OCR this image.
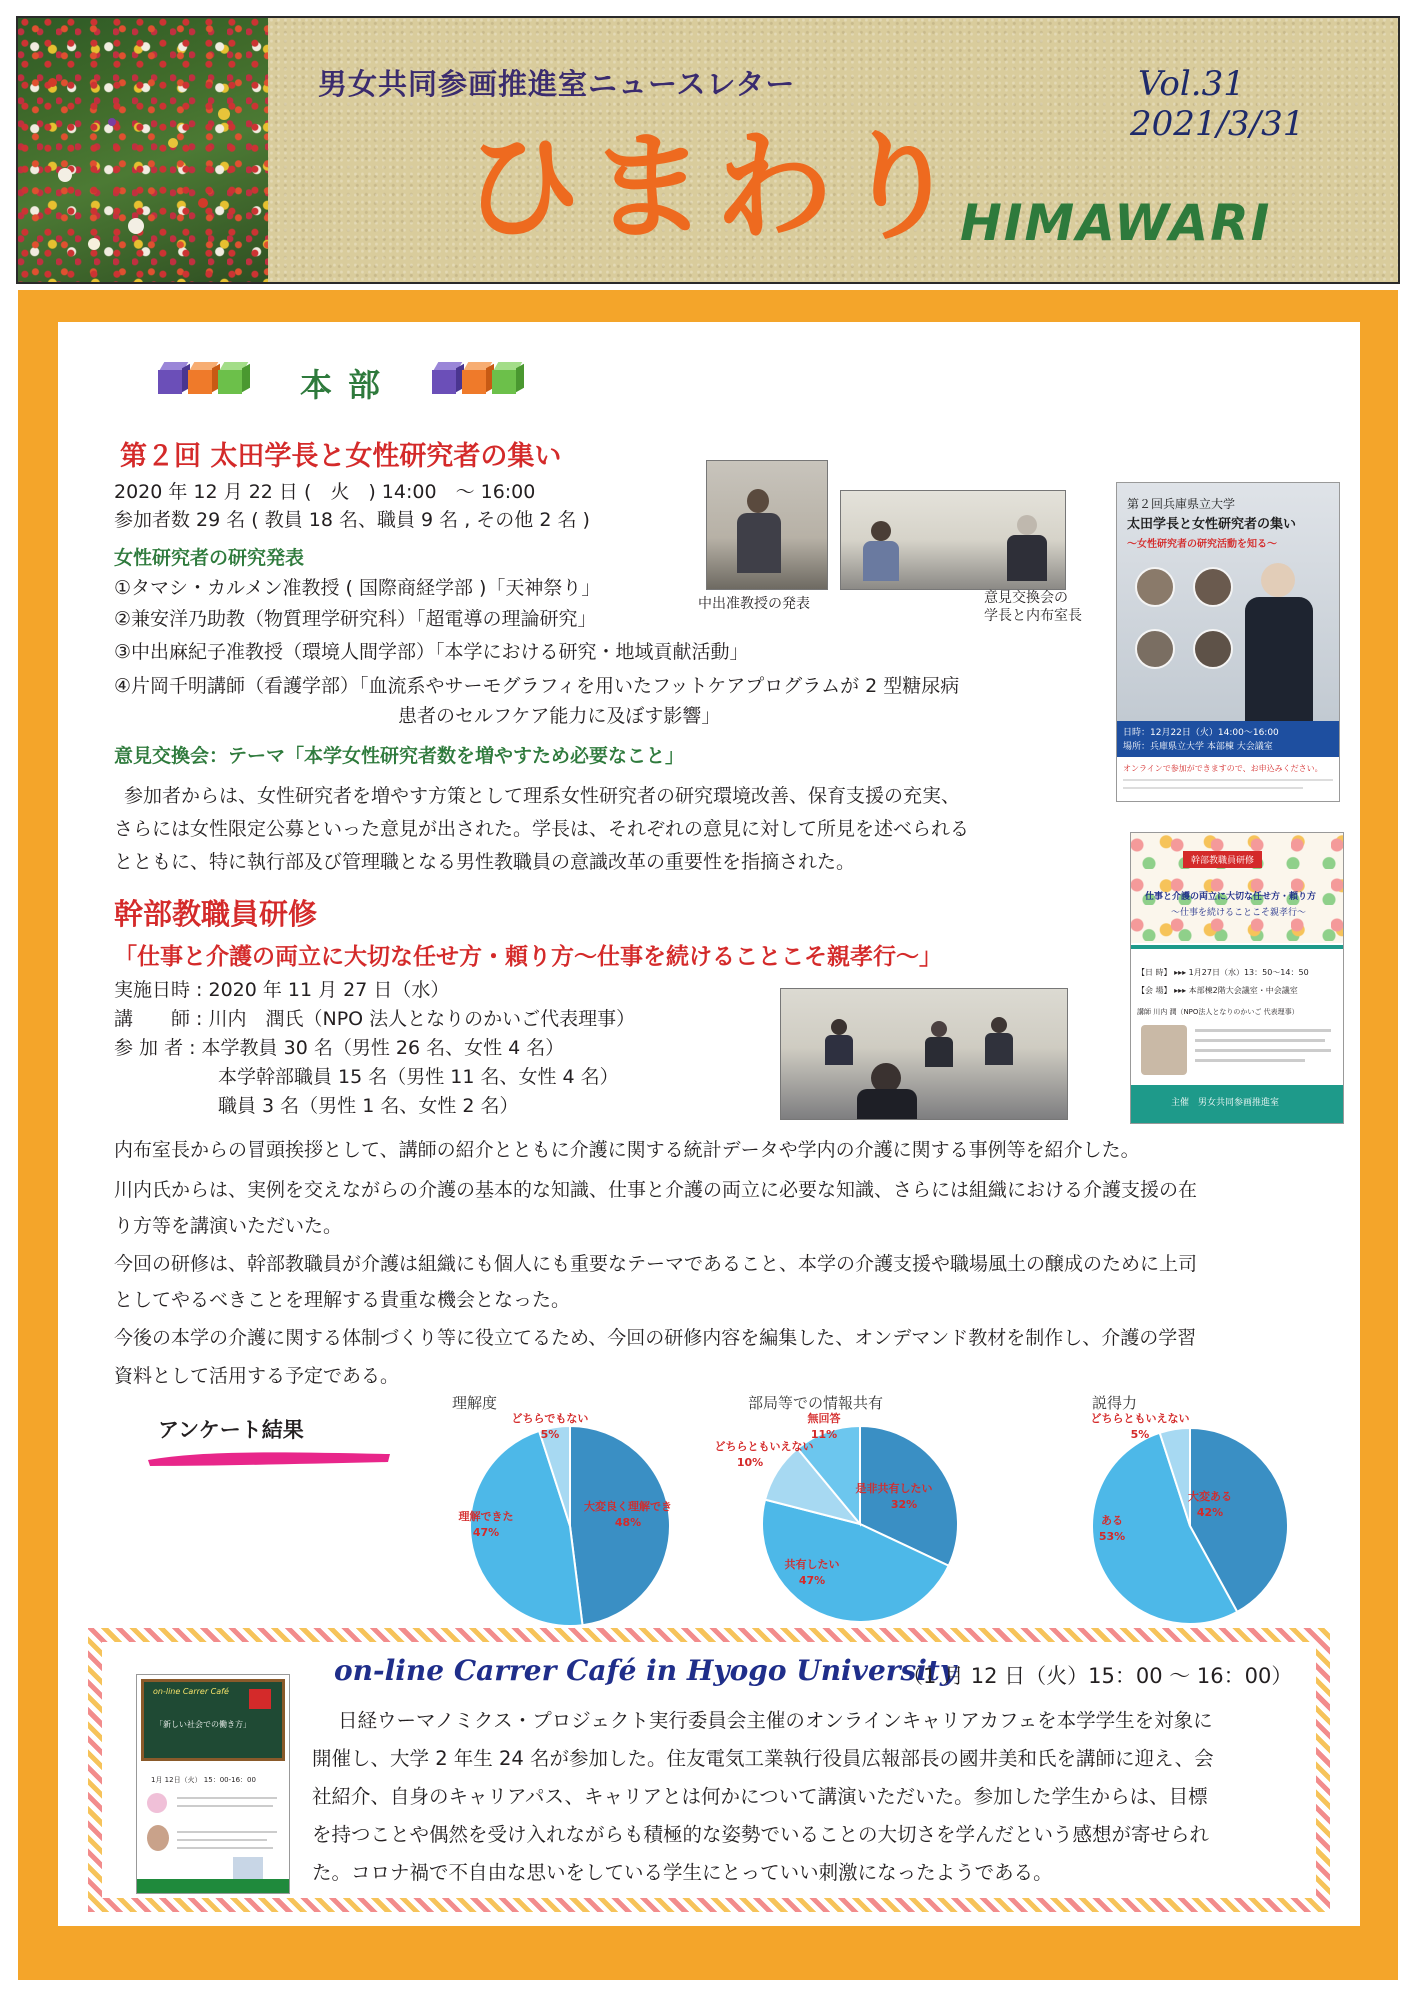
男女共同参画推進室ニュースレター
ひまわり
Vol.31
2021/3/31
HIMAWARI
本部
第２回 太田学長と女性研究者の集い
2020 年 12 月 22 日 (　火　) 14:00　～ 16:00
参加者数 29 名 ( 教員 18 名、職員 9 名 , その他 2 名 )
女性研究者の研究発表
①タマシ・カルメン准教授 ( 国際商経学部 )「天神祭り」
②兼安洋乃助教（物質理学研究科）「超電導の理論研究」
③中出麻紀子准教授（環境人間学部）「本学における研究・地域貢献活動」
④片岡千明講師（看護学部）「血流系やサーモグラフィを用いたフットケアプログラムが 2 型糖尿病
患者のセルフケア能力に及ぼす影響」
意見交換会：テーマ「本学女性研究者数を増やすため必要なこと」
参加者からは、女性研究者を増やす方策として理系女性研究者の研究環境改善、保育支援の充実、
さらには女性限定公募といった意見が出された。学長は、それぞれの意見に対して所見を述べられる
とともに、特に執行部及び管理職となる男性教職員の意識改革の重要性を指摘された。
中出准教授の発表	意見交換会の
学長と内布室長
第２回兵庫県立大学
太田学長と女性研究者の集い
～女性研究者の研究活動を知る～
日時：12月22日（火）14:00～16:00
場所：兵庫県立大学 本部棟 大会議室
オンラインで参加ができますので、お申込みください。
幹部教職員研修
「仕事と介護の両立に大切な任せ方・頼り方～仕事を続けることこそ親孝行～」
実施日時 : 2020 年 11 月 27 日（水）
講　　師 : 川内　潤氏（NPO 法人となりのかいご代表理事）
参 加 者 : 本学教員 30 名（男性 26 名、女性 4 名）
本学幹部職員 15 名（男性 11 名、女性 4 名）
職員 3 名（男性 1 名、女性 2 名）
幹部教職員研修
仕事と介護の両立に大切な任せ方・頼り方
～仕事を続けることこそ親孝行～
【日 時】 ▸▸▸ 1月27日（水）13：50～14：50
【会 場】 ▸▸▸ 本部棟2階大会議室・中会議室
講師 川内 潤（NPO法人となりのかいご 代表理事）
主催　男女共同参画推進室
内布室長からの冒頭挨拶として、講師の紹介とともに介護に関する統計データや学内の介護に関する事例等を紹介した。
川内氏からは、実例を交えながらの介護の基本的な知識、仕事と介護の両立に必要な知識、さらには組織における介護支援の在
り方等を講演いただいた。
今回の研修は、幹部教職員が介護は組織にも個人にも重要なテーマであること、本学の介護支援や職場風土の醸成のために上司
としてやるべきことを理解する貴重な機会となった。
今後の本学の介護に関する体制づくり等に役立てるため、今回の研修内容を編集した、オンデマンド教材を制作し、介護の学習
資料として活用する予定である。
アンケート結果
理解度	部局等での情報共有	説得力
大変良く理解でき
48%
理解できた
47%
どちらでもない
5%
是非共有したい
32%
共有したい
47%
どちらともいえない
10%
無回答
11%
大変ある
42%
ある
53%
どちらともいえない
5%
on-line Carrer Café in Hyogo University
（1 月 12 日（火）15：00 ～ 16：00）
日経ウーマノミクス・プロジェクト実行委員会主催のオンラインキャリアカフェを本学学生を対象に
開催し、大学 2 年生 24 名が参加した。住友電気工業執行役員広報部長の國井美和氏を講師に迎え、会
社紹介、自身のキャリアパス、キャリアとは何かについて講演いただいた。参加した学生からは、目標
を持つことや偶然を受け入れながらも積極的な姿勢でいることの大切さを学んだという感想が寄せられ
た。コロナ禍で不自由な思いをしている学生にとっていい刺激になったようである。
on-line Carrer Café
「新しい社会での働き方」
1月 12日（火） 15：00-16：00
